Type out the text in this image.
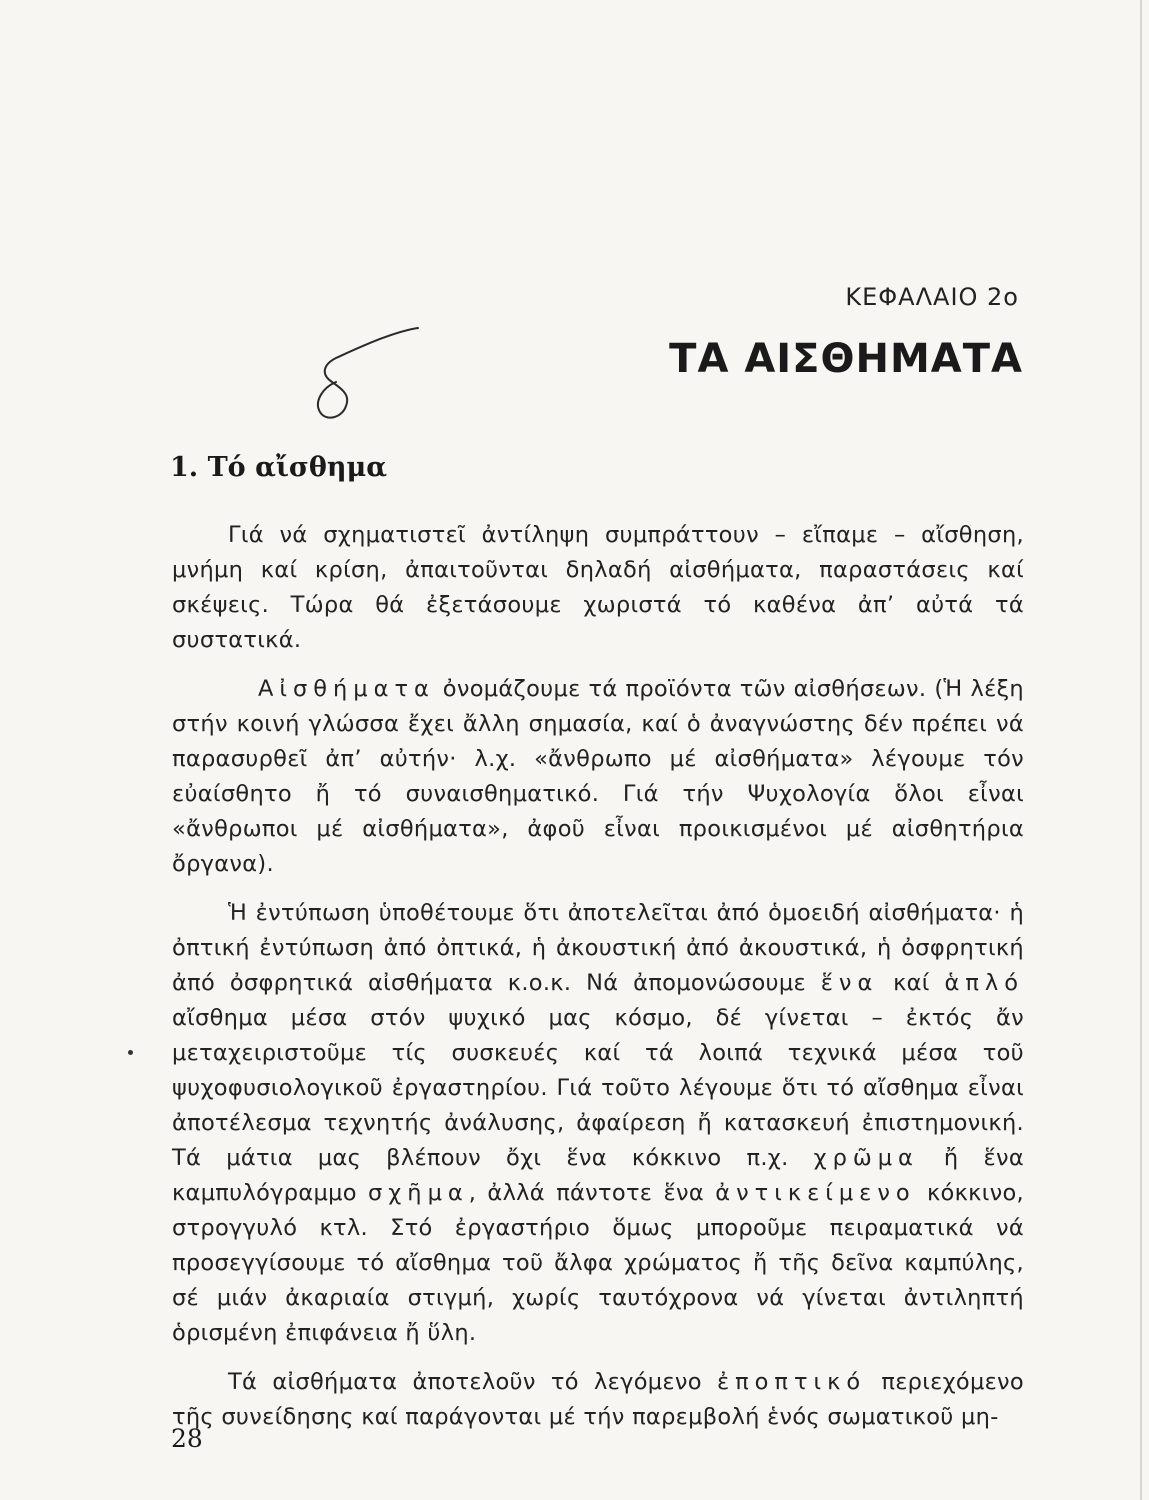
ΚΕΦΑΛΑΙΟ 2ο
ΤΑ ΑΙΣΘΗΜΑΤΑ
1. Τό αἴσθημα

Γιά νά σχηματιστεῖ ἀντίληψη συμπράττουν – εἴπαμε – αἴσθηση, μνήμη καί κρίση, ἀπαιτοῦνται δηλαδή αἰσθήματα, παραστάσεις καί σκέψεις. Τώρα θά ἐξετάσουμε χωριστά τό καθένα ἀπ’ αὐτά τά συστατικά.

Αἰσθήματα ὀνομάζουμε τά προϊόντα τῶν αἰσθήσεων. (Ἡ λέξη στήν κοινή γλώσσα ἔχει ἄλλη σημασία, καί ὁ ἀναγνώστης δέν πρέπει νά παρασυρθεῖ ἀπ’ αὐτήν· λ.χ. «ἄνθρωπο μέ αἰσθήματα» λέγουμε τόν εὐαίσθητο ἤ τό συναισθηματικό. Γιά τήν Ψυχολογία ὅλοι εἶναι «ἄνθρωποι μέ αἰσθήματα», ἀφοῦ εἶναι προικισμένοι μέ αἰσθητήρια ὄργανα).

Ἡ ἐντύπωση ὑποθέτουμε ὅτι ἀποτελεῖται ἀπό ὁμοειδή αἰσθήματα· ἡ ὀπτική ἐντύπωση ἀπό ὀπτικά, ἡ ἀκουστική ἀπό ἀκουστικά, ἡ ὀσφρητική ἀπό ὀσφρητικά αἰσθήματα κ.ο.κ. Νά ἀπομονώσουμε ἕνα καί ἁπλό αἴσθημα μέσα στόν ψυχικό μας κόσμο, δέ γίνεται – ἐκτός ἄν μεταχειριστοῦμε τίς συσκευές καί τά λοιπά τεχνικά μέσα τοῦ ψυχοφυσιολογικοῦ ἐργαστηρίου. Γιά τοῦτο λέγουμε ὅτι τό αἴσθημα εἶναι ἀποτέλεσμα τεχνητής ἀνάλυσης, ἀφαίρεση ἤ κατασκευή ἐπιστημονική. Τά μάτια μας βλέπουν ὄχι ἕνα κόκκινο π.χ. χρῶμα ἤ ἕνα καμπυλόγραμμο σχῆμα, ἀλλά πάντοτε ἕνα ἀντικείμενο κόκκινο, στρογγυλό κτλ. Στό ἐργαστήριο ὅμως μποροῦμε πειραματικά νά προσεγγίσουμε τό αἴσθημα τοῦ ἄλφα χρώματος ἤ τῆς δεῖνα καμπύλης, σέ μιάν ἀκαριαία στιγμή, χωρίς ταυτόχρονα νά γίνεται ἀντιληπτή ὁρισμένη ἐπιφάνεια ἤ ὕλη.

Τά αἰσθήματα ἀποτελοῦν τό λεγόμενο ἐποπτικό περιεχόμενο τῆς συνείδησης καί παράγονται μέ τήν παρεμβολή ἑνός σωματικοῦ μη-

28
